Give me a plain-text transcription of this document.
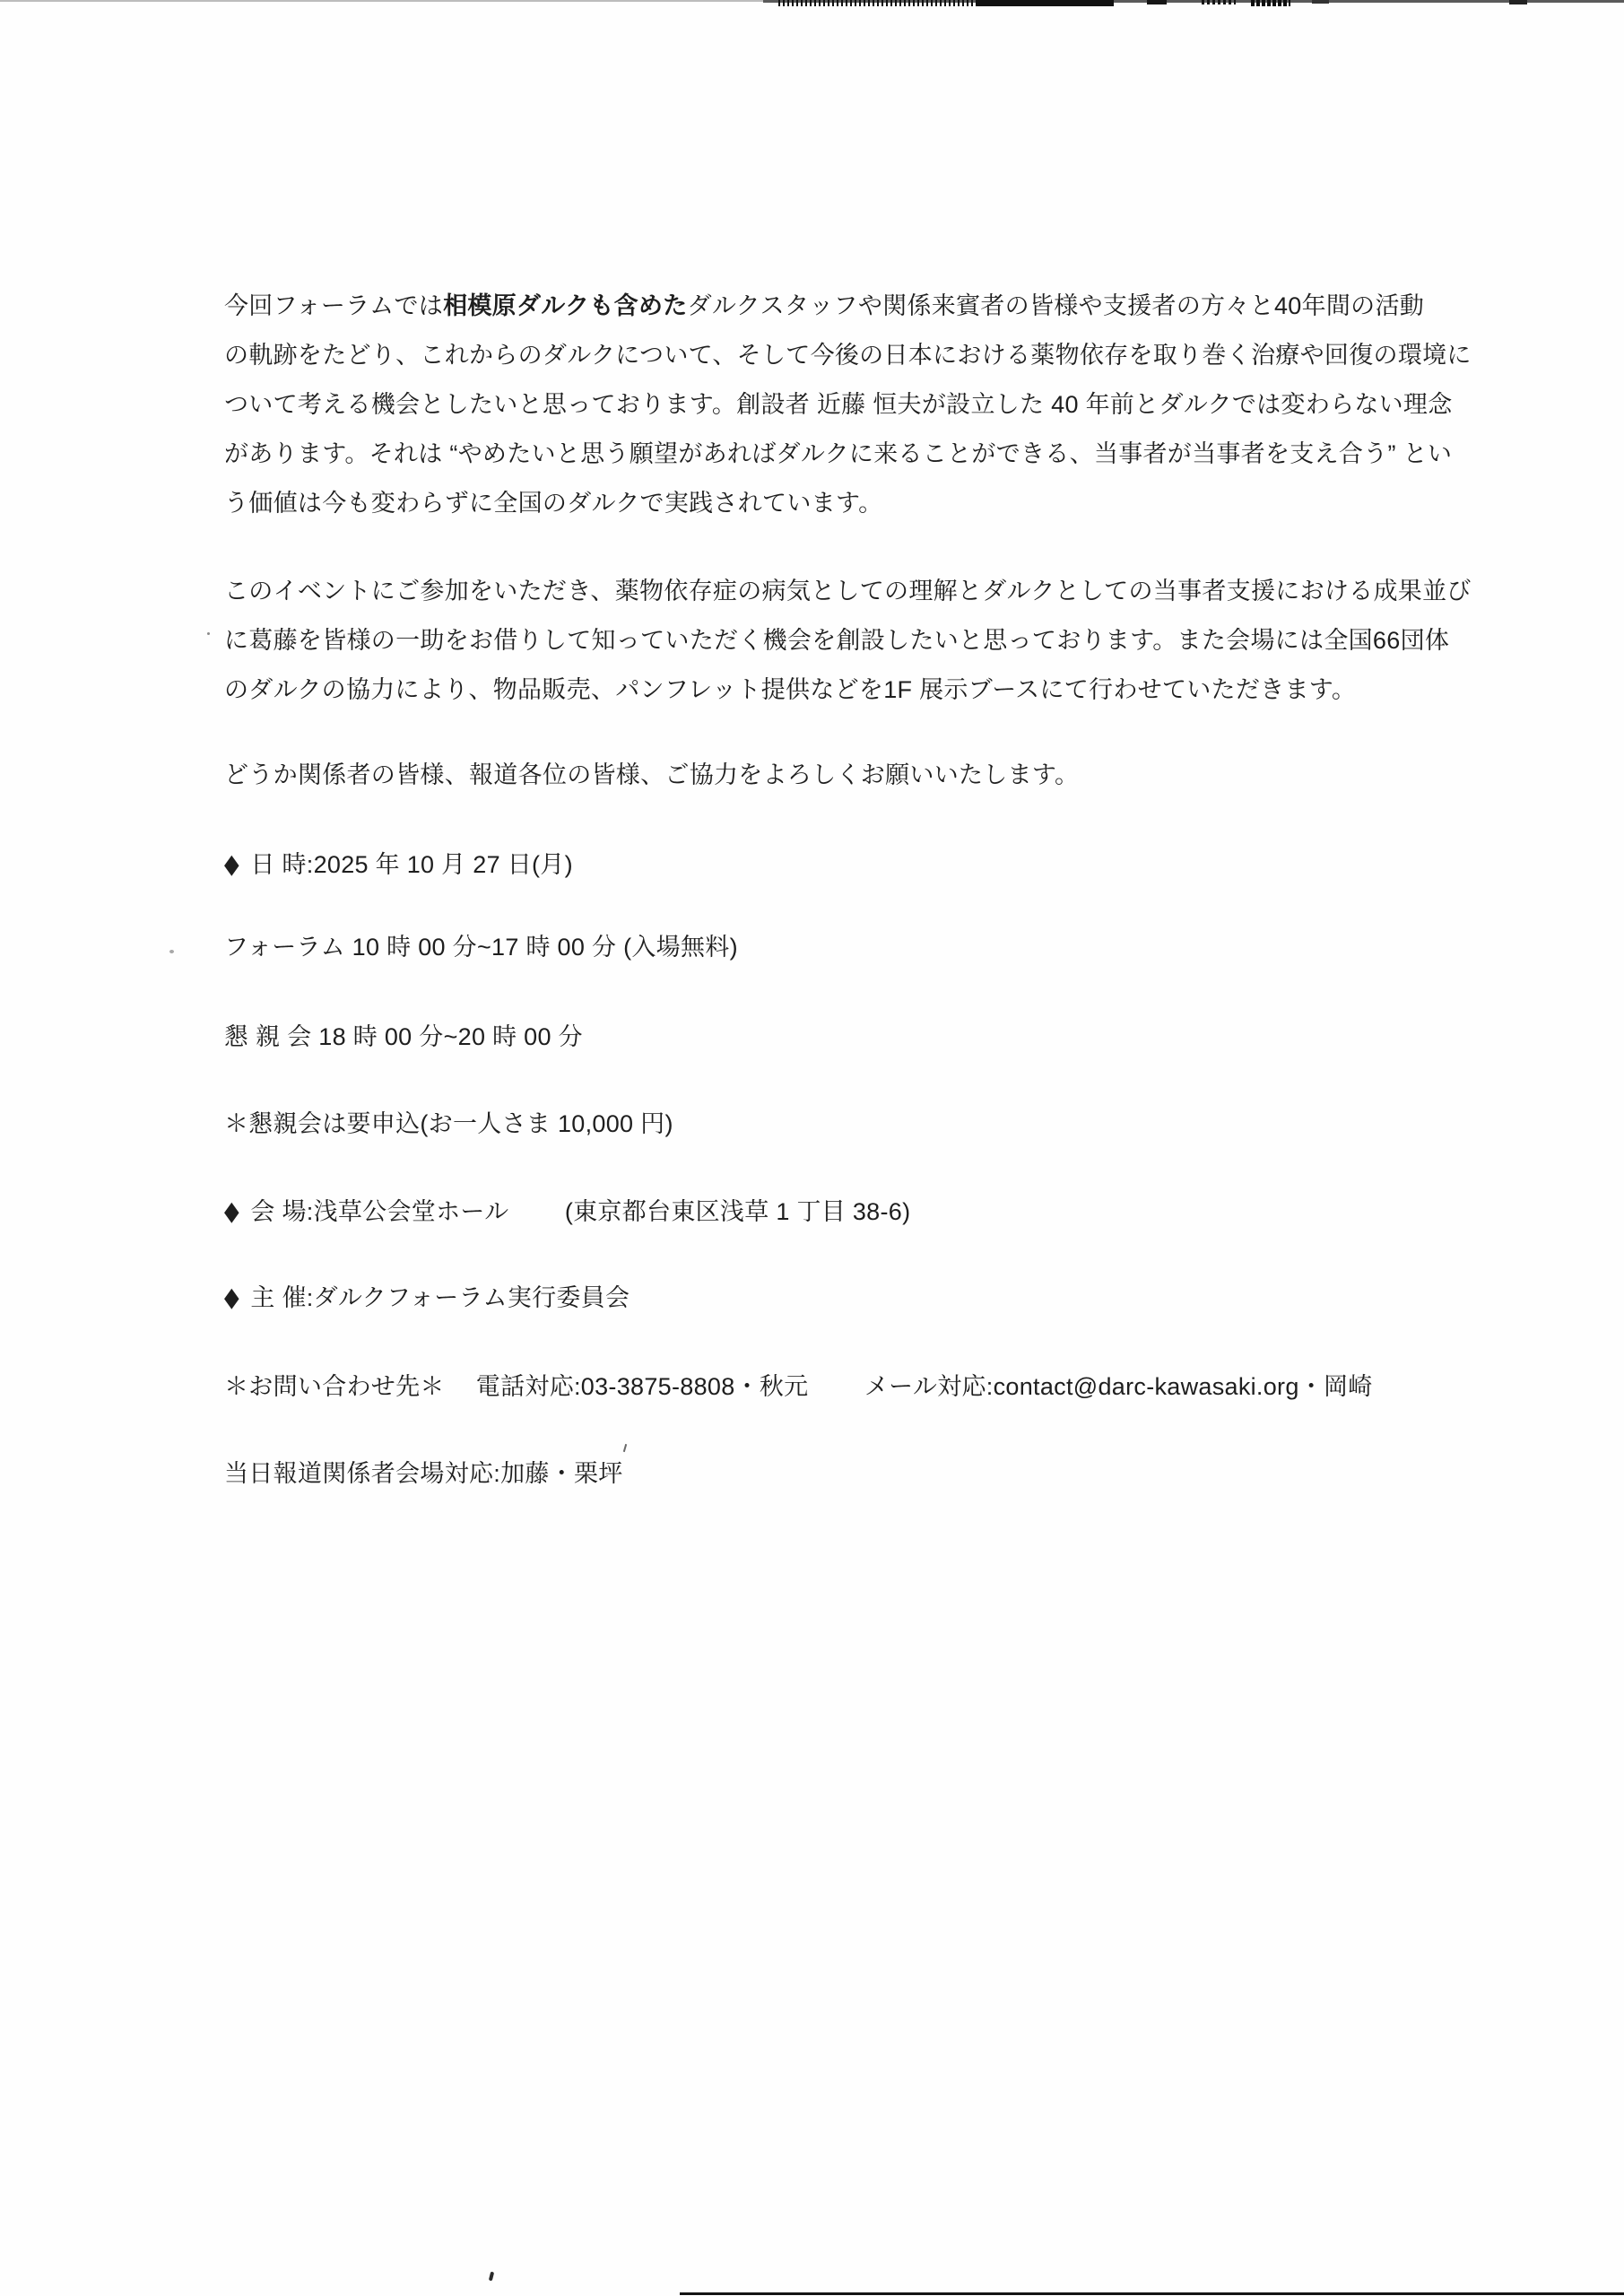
今回フォーラムでは相模原ダルクも含めたダルクスタッフや関係来賓者の皆様や支援者の方々と40年間の活動
の軌跡をたどり、これからのダルクについて、そして今後の日本における薬物依存を取り巻く治療や回復の環境に
ついて考える機会としたいと思っております。創設者 近藤 恒夫が設立した 40 年前とダルクでは変わらない理念
があります。それは “やめたいと思う願望があればダルクに来ることができる、当事者が当事者を支え合う” とい
う価値は今も変わらずに全国のダルクで実践されています。
このイベントにご参加をいただき、薬物依存症の病気としての理解とダルクとしての当事者支援における成果並び
に葛藤を皆様の一助をお借りして知っていただく機会を創設したいと思っております。また会場には全国66団体
のダルクの協力により、物品販売、パンフレット提供などを1F 展示ブースにて行わせていただきます。
どうか関係者の皆様、報道各位の皆様、ご協力をよろしくお願いいたします。
◆ 日 時:2025 年 10 月 27 日(月)
フォーラム 10 時 00 分~17 時 00 分 (入場無料)
懇 親 会 18 時 00 分~20 時 00 分
＊懇親会は要申込(お一人さま 10,000 円)
◆ 会 場:浅草公会堂ホール　　 (東京都台東区浅草 1 丁目 38-6)
◆ 主 催:ダルクフォーラム実行委員会
＊お問い合わせ先＊　 電話対応:03-3875-8808・秋元　　 メール対応:contact@darc-kawasaki.org・岡崎
当日報道関係者会場対応:加藤・栗坪
